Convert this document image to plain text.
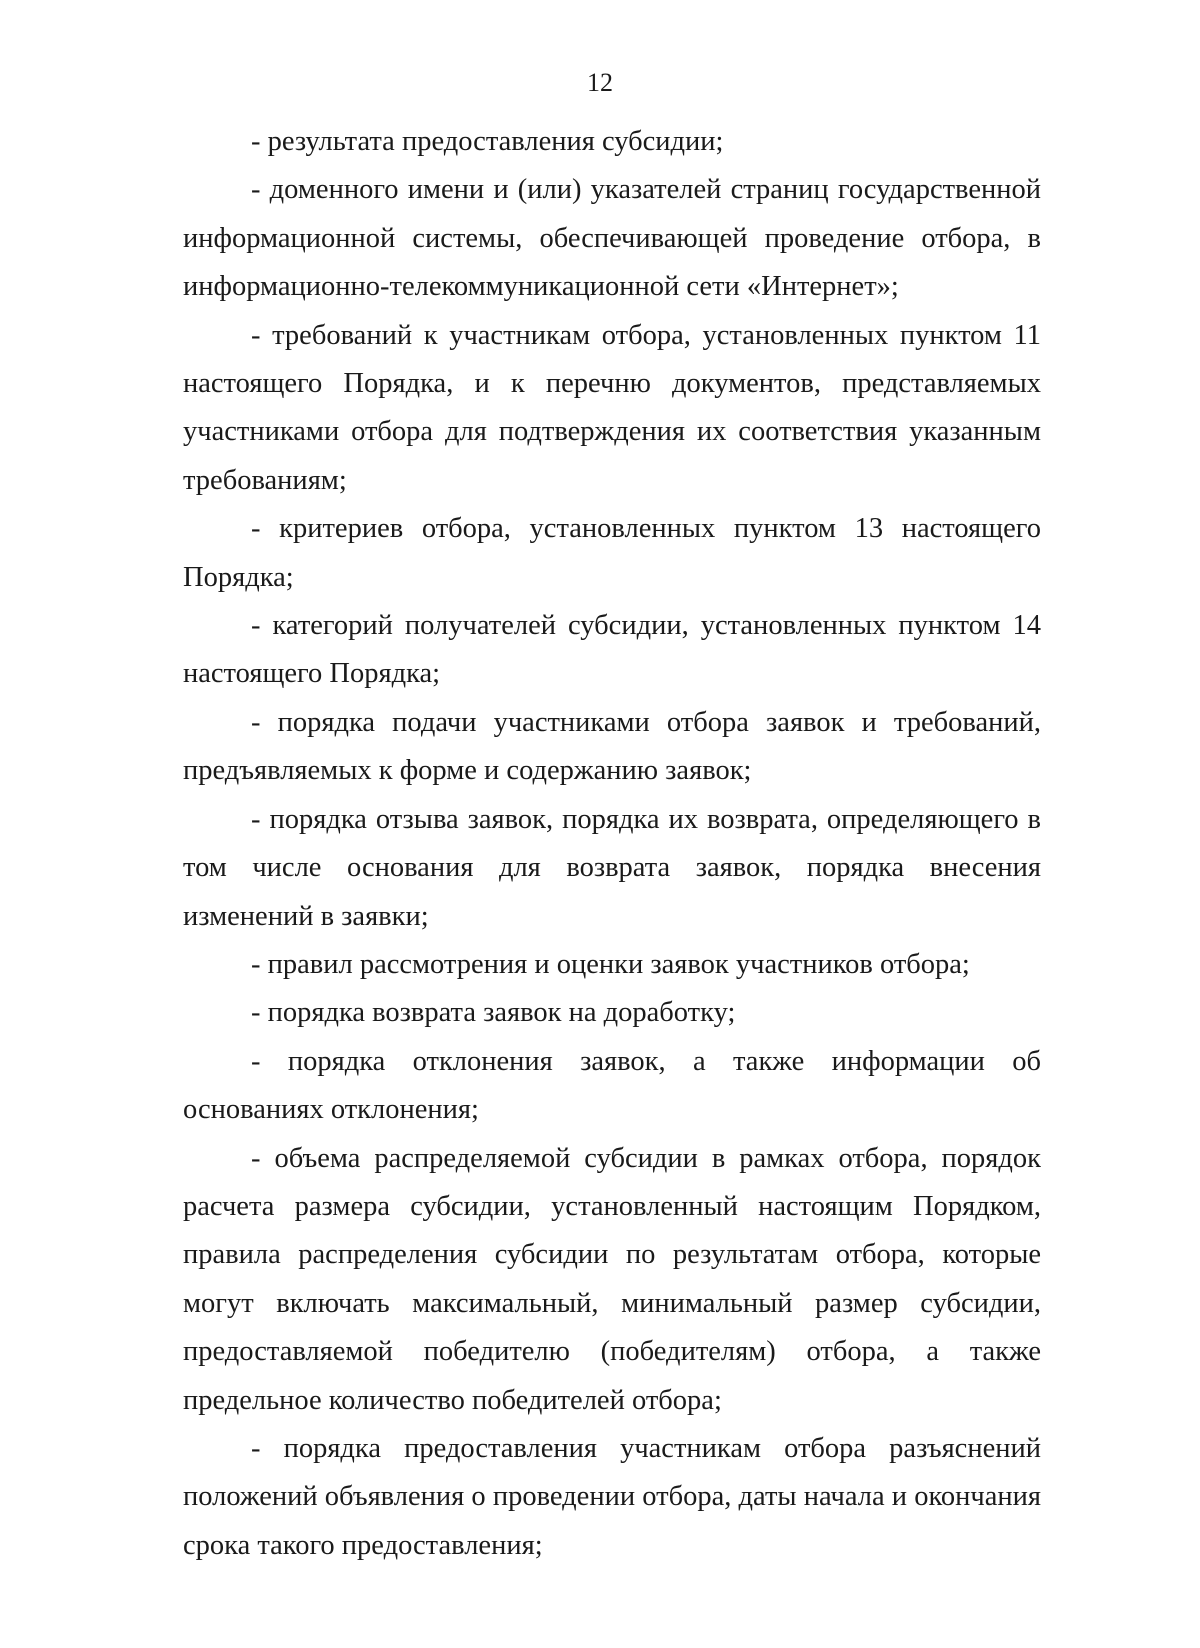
12

- результата предоставления субсидии;

- доменного имени и (или) указателей страниц государственной информационной системы, обеспечивающей проведение отбора, в информационно-телекоммуникационной сети «Интернет»;

- требований к участникам отбора, установленных пунктом 11 настоящего Порядка, и к перечню документов, представляемых участниками отбора для подтверждения их соответствия указанным требованиям;

- критериев отбора, установленных пунктом 13 настоящего Порядка;

- категорий получателей субсидии, установленных пунктом 14 настоящего Порядка;

- порядка подачи участниками отбора заявок и требований, предъявляемых к форме и содержанию заявок;

- порядка отзыва заявок, порядка их возврата, определяющего в том числе основания для возврата заявок, порядка внесения изменений в заявки;

- правил рассмотрения и оценки заявок участников отбора;

- порядка возврата заявок на доработку;

- порядка отклонения заявок, а также информации об основаниях отклонения;

- объема распределяемой субсидии в рамках отбора, порядок расчета размера субсидии, установленный настоящим Порядком, правила распределения субсидии по результатам отбора, которые могут включать максимальный, минимальный размер субсидии, предоставляемой победителю (победителям) отбора, а также предельное количество победителей отбора;

- порядка предоставления участникам отбора разъяснений положений объявления о проведении отбора, даты начала и окончания срока такого предоставления;
